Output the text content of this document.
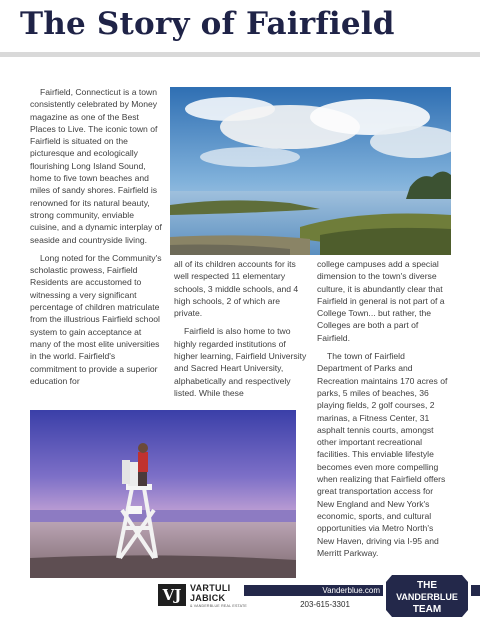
The Story of Fairfield

Fairfield, Connecticut is a town consistently celebrated by Money magazine as one of the Best Places to Live. The iconic town of Fairfield is situated on the picturesque and ecologically flourishing Long Island Sound, home to five town beaches and miles of sandy shores. Fairfield is renowned for its natural beauty, strong community, enviable cuisine, and a dynamic interplay of seaside and countryside living.

Long noted for the Community's scholastic prowess, Fairfield Residents are accustomed to witnessing a very significant percentage of children matriculate from the illustrious Fairfield school system to gain acceptance at many of the most elite universities in the world. Fairfield's commitment to provide a superior education for

all of its children accounts for its well respected 11 elementary schools, 3 middle schools, and 4 high schools, 2 of which are private.

Fairfield is also home to two highly regarded institutions of higher learning, Fairfield University and Sacred Heart University, alphabetically and respectively listed. While these

college campuses add a special dimension to the town's diverse culture, it is abundantly clear that Fairfield in general is not part of a College Town... but rather, the Colleges are both a part of Fairfield.

The town of Fairfield Department of Parks and Recreation maintains 170 acres of parks, 5 miles of beaches, 36 playing fields, 2 golf courses, 2 marinas, a Fitness Center, 31 asphalt tennis courts, amongst other important recreational facilities. This enviable lifestyle becomes even more compelling when realizing that Fairfield offers great transportation access for New England and New York's economic, sports, and cultural opportunities via Metro North's New Haven, driving via I-95 and Merritt Parkway.

VJ VARTULI
JABICK
& VANDERBLUE REAL ESTATE
Vanderblue.com
203-615-3301
THE
VANDERBLUE
TEAM
